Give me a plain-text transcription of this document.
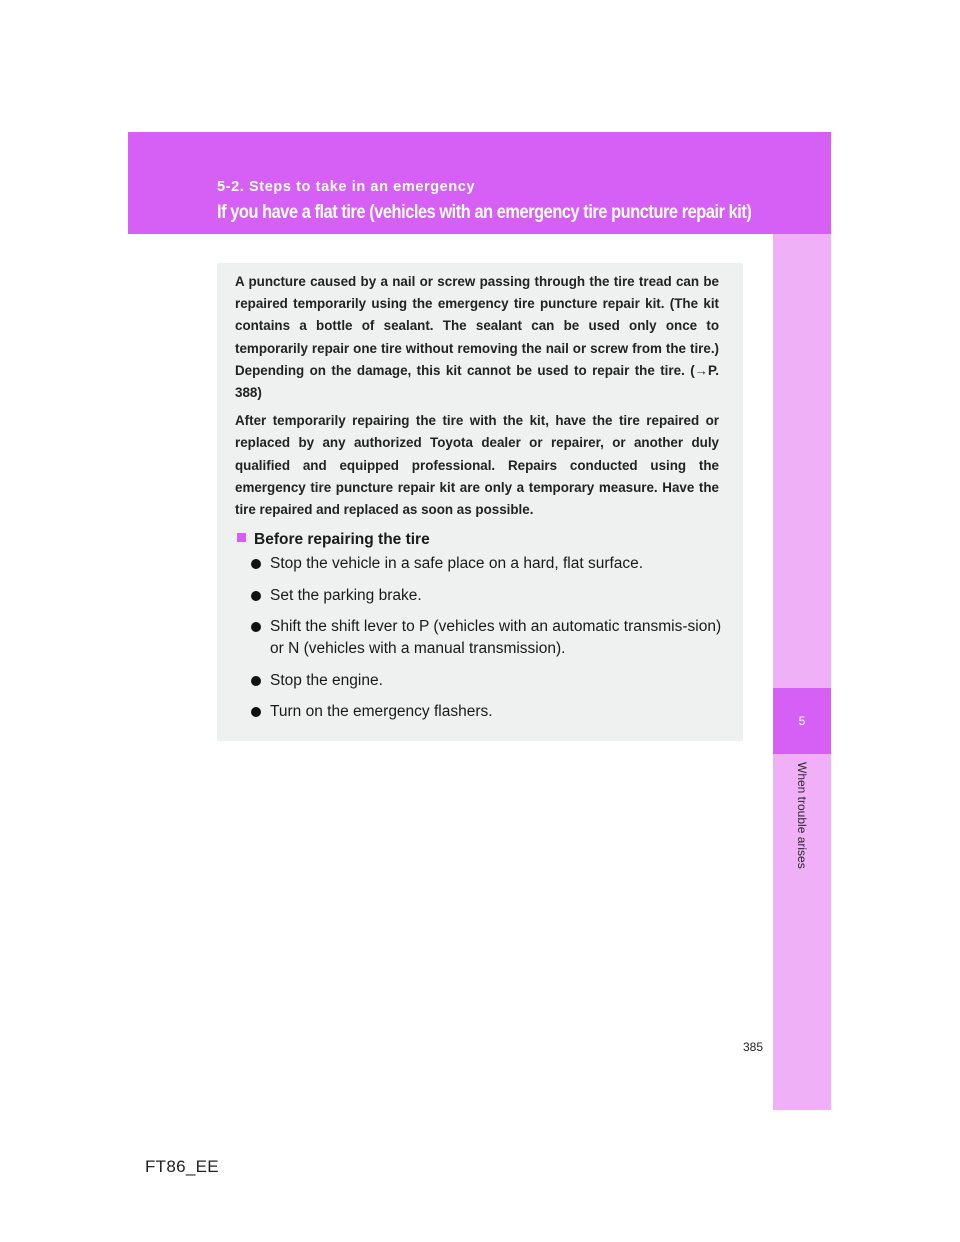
5-2. Steps to take in an emergency
If you have a flat tire (vehicles with an emergency tire puncture repair kit)
5
When trouble arises

A puncture caused by a nail or screw passing through the tire tread can be repaired temporarily using the emergency tire puncture repair kit. (The kit contains a bottle of sealant. The sealant can be used only once to temporarily repair one tire without removing the nail or screw from the tire.) Depending on the damage, this kit cannot be used to repair the tire. (→P. 388)

After temporarily repairing the tire with the kit, have the tire repaired or replaced by any authorized Toyota dealer or repairer, or another duly qualified and equipped professional. Repairs conducted using the emergency tire puncture repair kit are only a temporary measure. Have the tire repaired and replaced as soon as possible.

Before repairing the tire
Stop the vehicle in a safe place on a hard, flat surface.
Set the parking brake.
Shift the shift lever to P (vehicles with an automatic transmis-sion) or N (vehicles with a manual transmission).
Stop the engine.
Turn on the emergency flashers.
385
FT86_EE
